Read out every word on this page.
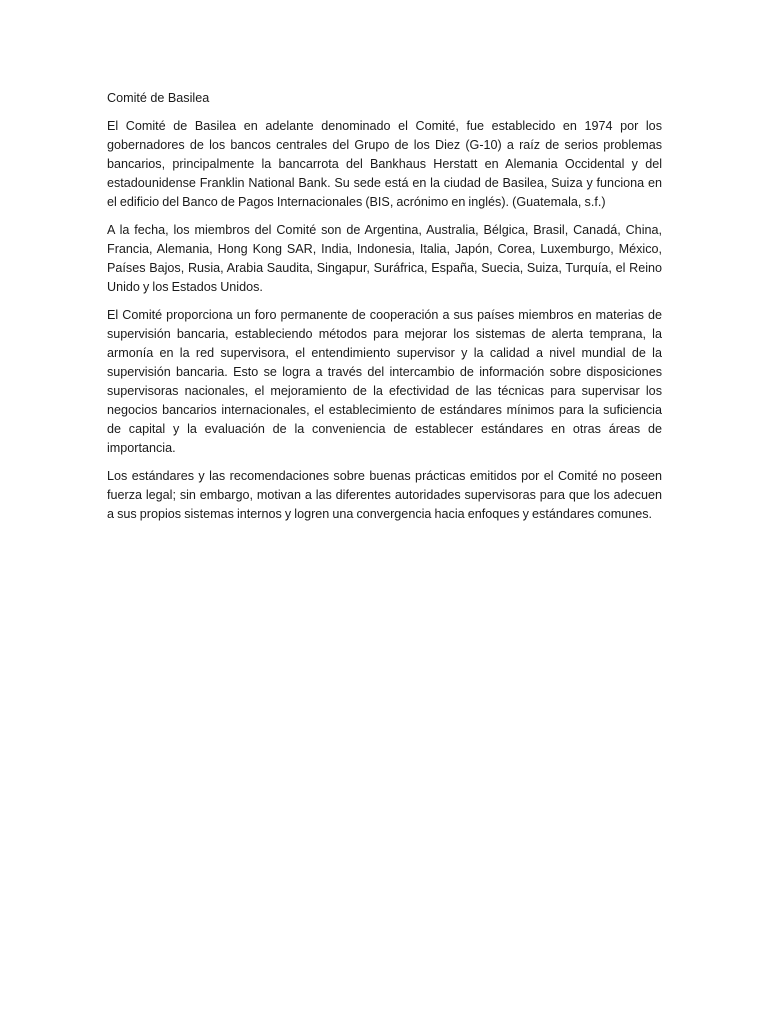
Comité de Basilea

El Comité de Basilea en adelante denominado el Comité, fue establecido en 1974 por los gobernadores de los bancos centrales del Grupo de los Diez (G-10) a raíz de serios problemas bancarios, principalmente la bancarrota del Bankhaus Herstatt en Alemania Occidental y del estadounidense Franklin National Bank. Su sede está en la ciudad de Basilea, Suiza y funciona en el edificio del Banco de Pagos Internacionales (BIS, acrónimo en inglés). (Guatemala, s.f.)

A la fecha, los miembros del Comité son de Argentina, Australia, Bélgica, Brasil, Canadá, China, Francia, Alemania, Hong Kong SAR, India, Indonesia, Italia, Japón, Corea, Luxemburgo, México, Países Bajos, Rusia, Arabia Saudita, Singapur, Suráfrica, España, Suecia, Suiza, Turquía, el Reino Unido y los Estados Unidos.

El Comité proporciona un foro permanente de cooperación a sus países miembros en materias de supervisión bancaria, estableciendo métodos para mejorar los sistemas de alerta temprana, la armonía en la red supervisora, el entendimiento supervisor y la calidad a nivel mundial de la supervisión bancaria. Esto se logra a través del intercambio de información sobre disposiciones supervisoras nacionales, el mejoramiento de la efectividad de las técnicas para supervisar los negocios bancarios internacionales, el establecimiento de estándares mínimos para la suficiencia de capital y la evaluación de la conveniencia de establecer estándares en otras áreas de importancia.

Los estándares y las recomendaciones sobre buenas prácticas emitidos por el Comité no poseen fuerza legal; sin embargo, motivan a las diferentes autoridades supervisoras para que los adecuen a sus propios sistemas internos y logren una convergencia hacia enfoques y estándares comunes.
